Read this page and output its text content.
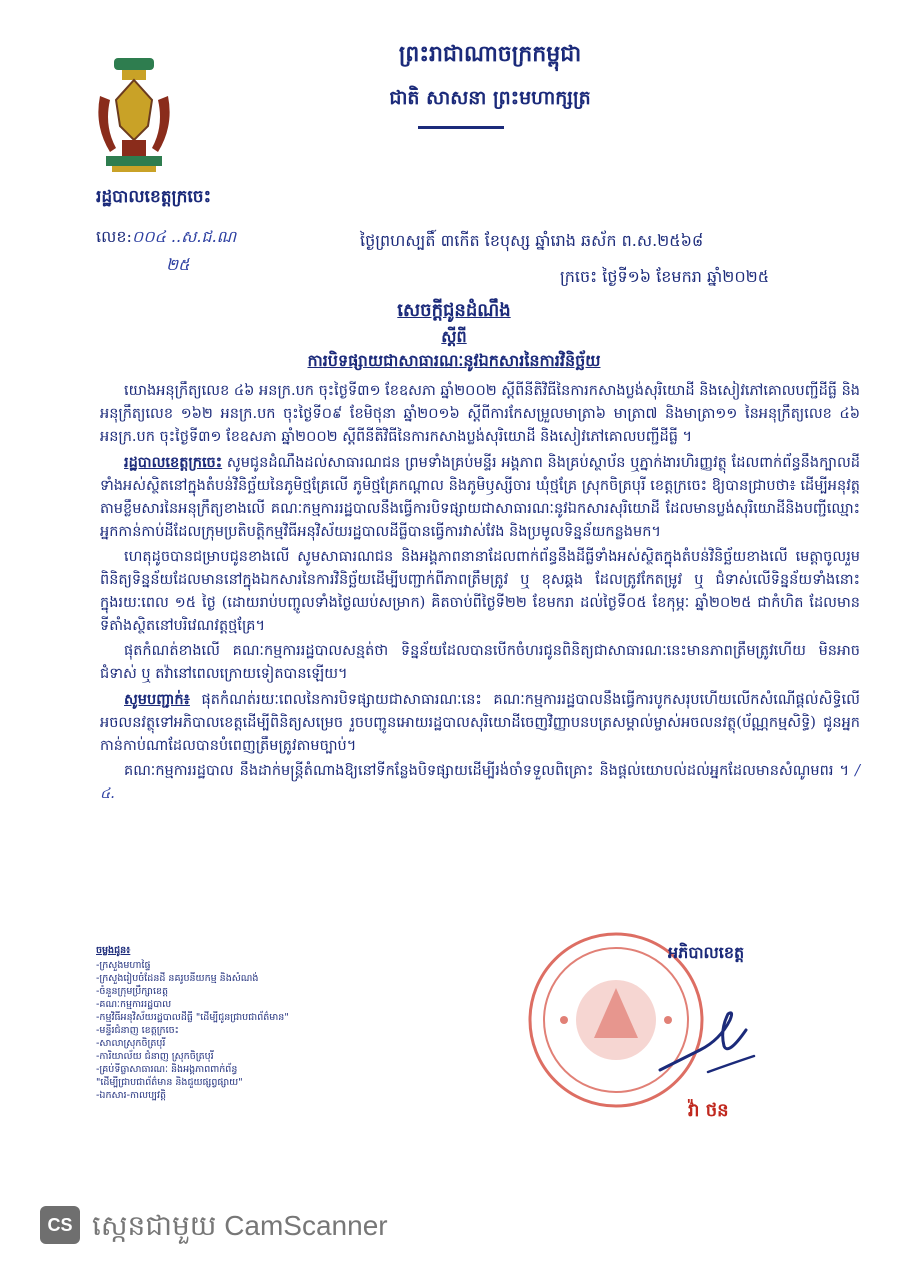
ព្រះរាជាណាចក្រកម្ពុជា
ជាតិ សាសនា ព្រះមហាក្សត្រ
រដ្ឋបាលខេត្តក្រចេះ
លេខ:០០៤ ..ស.ជ.ណ
២៥
ថ្ងៃព្រហស្បតិ៍ ៣កើត ខែបុស្ស ឆ្នាំរោង ឆស័ក ព.ស.២៥៦៨
ក្រចេះ ថ្ងៃទី១៦ ខែមករា ឆ្នាំ២០២៥
សេចក្តីជូនដំណឹង
ស្តីពី
ការបិទផ្សាយជាសាធារណៈនូវឯកសារនៃការវិនិច្ឆ័យ

យោងអនុក្រឹត្យលេខ ៤៦ អនក្រ.បក ចុះថ្ងៃទី៣១ ខែឧសភា ឆ្នាំ២០០២ ស្តីពីនីតិវិធីនៃការកសាងប្លង់សុរិយោដី និងសៀវភៅគោលបញ្ជីដីធ្លី និងអនុក្រឹត្យលេខ ១៦២ អនក្រ.បក ចុះថ្ងៃទី០៩ ខែមិថុនា ឆ្នាំ២០១៦ ស្តីពីការកែសម្រួលមាត្រា៦ មាត្រា៧ និងមាត្រា១១ នៃអនុក្រឹត្យលេខ ៤៦ អនក្រ.បក ចុះថ្ងៃទី៣១ ខែឧសភា ឆ្នាំ២០០២ ស្តីពីនីតិវិធីនៃការកសាងប្លង់សុរិយោដី និងសៀវភៅគោលបញ្ជីដីធ្លី ។

រដ្ឋបាលខេត្តក្រចេះ សូមជូនដំណឹងដល់សាធារណជន ព្រមទាំងគ្រប់មន្ទីរ អង្គភាព និងគ្រប់ស្ថាប័ន ឬភ្នាក់ងារហិរញ្ញវត្ថុ ដែលពាក់ព័ន្ធនឹងក្បាលដីទាំងអស់ស្ថិតនៅក្នុងតំបន់វិនិច្ឆ័យនៃភូមិថ្មគ្រែលើ ភូមិថ្មគ្រែកណ្តាល និងភូមិឫស្សីចារ ឃុំថ្មគ្រែ ស្រុកចិត្របុរី ខេត្តក្រចេះ ឱ្យបានជ្រាបថា៖ ដើម្បីអនុវត្តតាមខ្លឹមសារនៃអនុក្រឹត្យខាងលើ គណៈកម្មការរដ្ឋបាលនឹងធ្វើការបិទផ្សាយជាសាធារណៈនូវឯកសារសុរិយោដី ដែលមានប្លង់សុរិយោដីនិងបញ្ជីឈ្មោះអ្នកកាន់កាប់ដីដែលក្រុមប្រតិបត្តិកម្មវិធីអនុវិស័យរដ្ឋបាលដីធ្លីបានធ្វើការវាស់វែង និងប្រមូលទិន្នន័យកន្លងមក។

ហេតុដូចបានជម្រាបជូនខាងលើ សូមសាធារណជន និងអង្គភាពនានាដែលពាក់ព័ន្ធនឹងដីធ្លីទាំងអស់ស្ថិតក្នុងតំបន់វិនិច្ឆ័យខាងលើ មេត្តាចូលរួមពិនិត្យទិន្នន័យដែលមាននៅក្នុងឯកសារនៃការវិនិច្ឆ័យដើម្បីបញ្ជាក់ពីភាពត្រឹមត្រូវ ឬ ខុសឆ្គង ដែលត្រូវកែតម្រូវ ឬ ជំទាស់លើទិន្នន័យទាំងនោះ ក្នុងរយៈពេល ១៥ ថ្ងៃ (ដោយរាប់បញ្ចូលទាំងថ្ងៃឈប់សម្រាក) គិតចាប់ពីថ្ងៃទី២២ ខែមករា ដល់ថ្ងៃទី០៥ ខែកុម្ភៈ ឆ្នាំ២០២៥ ជាកំហិត ដែលមានទីតាំងស្ថិតនៅបរិវេណវត្តថ្មគ្រែ។

ផុតកំណត់ខាងលើ គណៈកម្មការរដ្ឋបាលសន្មត់ថា ទិន្នន័យដែលបានបើកចំហរជូនពិនិត្យជាសាធារណៈនេះមានភាពត្រឹមត្រូវហើយ មិនអាចជំទាស់ ឬ តវ៉ានៅពេលក្រោយទៀតបានឡើយ។

សូមបញ្ជាក់៖ ផុតកំណត់រយៈពេលនៃការបិទផ្សាយជាសាធារណៈនេះ គណៈកម្មការរដ្ឋបាលនឹងធ្វើការបូកសរុបហើយលើកសំណើផ្តល់សិទ្ធិលើអចលនវត្ថុទៅអភិបាលខេត្តដើម្បីពិនិត្យសម្រេច រួចបញ្ជូនអោយរដ្ឋបាលសុរិយោដីចេញវិញ្ញាបនបត្រសម្គាល់ម្ចាស់អចលនវត្ថុ(ប័ណ្ណកម្មសិទ្ធិ) ជូនអ្នកកាន់កាប់ណាដែលបានបំពេញត្រឹមត្រូវតាមច្បាប់។

គណៈកម្មការរដ្ឋបាល នឹងដាក់មន្ត្រីតំណាងឱ្យនៅទីកន្លែងបិទផ្សាយដើម្បីរង់ចាំទទួលពិគ្រោះ និងផ្តល់យោបល់ដល់អ្នកដែលមានសំណូមពរ ។ /៤.

ចម្លងជូន៖
-ក្រសួងមហាផ្ទៃ
-ក្រសួងរៀបចំដែនដី នគរូបនីយកម្ម និងសំណង់
-ចំនួនក្រុមប្រឹក្សាខេត្ត
-គណៈកម្មការរដ្ឋបាល
-កម្មវិធីអនុវិស័យរដ្ឋបាលដីធ្លី "ដើម្បីជូនជ្រាបជាព័ត៌មាន"
-មន្ទីរជំនាញ ខេត្តក្រចេះ
-សាលាស្រុកចិត្របុរី
-ការិយាល័យ ជំនាញ ស្រុកចិត្របុរី
-គ្រប់ទីធ្លាសាធារណៈ និងអង្គភាពពាក់ព័ន្ធ
"ដើម្បីជ្រាបជាព័ត៌មាន និងជួយផ្សព្វផ្សាយ"
-ឯកសារ-កាលប្បវត្តិ
អភិបាលខេត្ត
វ៉ា ថន
CS ស្កេនជាមួយ CamScanner
